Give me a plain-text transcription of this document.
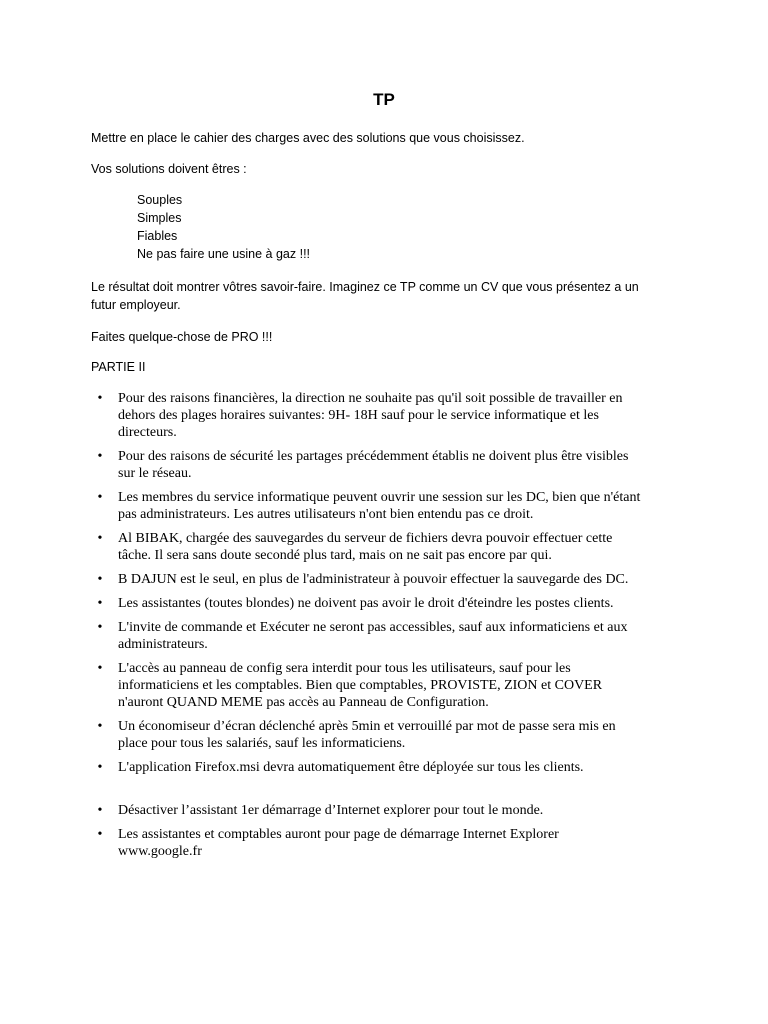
TP

Mettre en place le cahier des charges avec des solutions que vous choisissez.

Vos solutions doivent êtres :

Souples
Simples
Fiables
Ne pas faire une usine à gaz !!!

Le résultat doit montrer vôtres savoir-faire. Imaginez ce TP comme un CV que vous présentez a un futur employeur.

Faites quelque-chose de PRO !!!

PARTIE II

• Pour des raisons financières, la direction ne souhaite pas qu'il soit possible de travailler en dehors des plages horaires suivantes: 9H- 18H sauf pour le service informatique et les directeurs.
• Pour des raisons de sécurité les partages précédemment établis ne doivent plus être visibles sur le réseau.
• Les membres du service informatique peuvent ouvrir une session sur les DC, bien que n'étant pas administrateurs. Les autres utilisateurs n'ont bien entendu pas ce droit.
• Al BIBAK, chargée des sauvegardes du serveur de fichiers devra pouvoir effectuer cette tâche. Il sera sans doute secondé plus tard, mais on ne sait pas encore par qui.
• B DAJUN est le seul, en plus de l'administrateur à pouvoir effectuer la sauvegarde des DC.
• Les assistantes (toutes blondes) ne doivent pas avoir le droit d'éteindre les postes clients.
• L'invite de commande et Exécuter ne seront pas accessibles, sauf aux informaticiens et aux administrateurs.
• L'accès au panneau de config sera interdit pour tous les utilisateurs, sauf pour les informaticiens et les comptables. Bien que comptables, PROVISTE, ZION et COVER n'auront QUAND MEME pas accès au Panneau de Configuration.
• Un économiseur d’écran déclenché après 5min et verrouillé par mot de passe sera mis en place pour tous les salariés, sauf les informaticiens.
• L'application Firefox.msi devra automatiquement être déployée sur tous les clients.
• Désactiver l’assistant 1er démarrage d’Internet explorer pour tout le monde.
• Les assistantes et comptables auront pour page de démarrage Internet Explorer www.google.fr
